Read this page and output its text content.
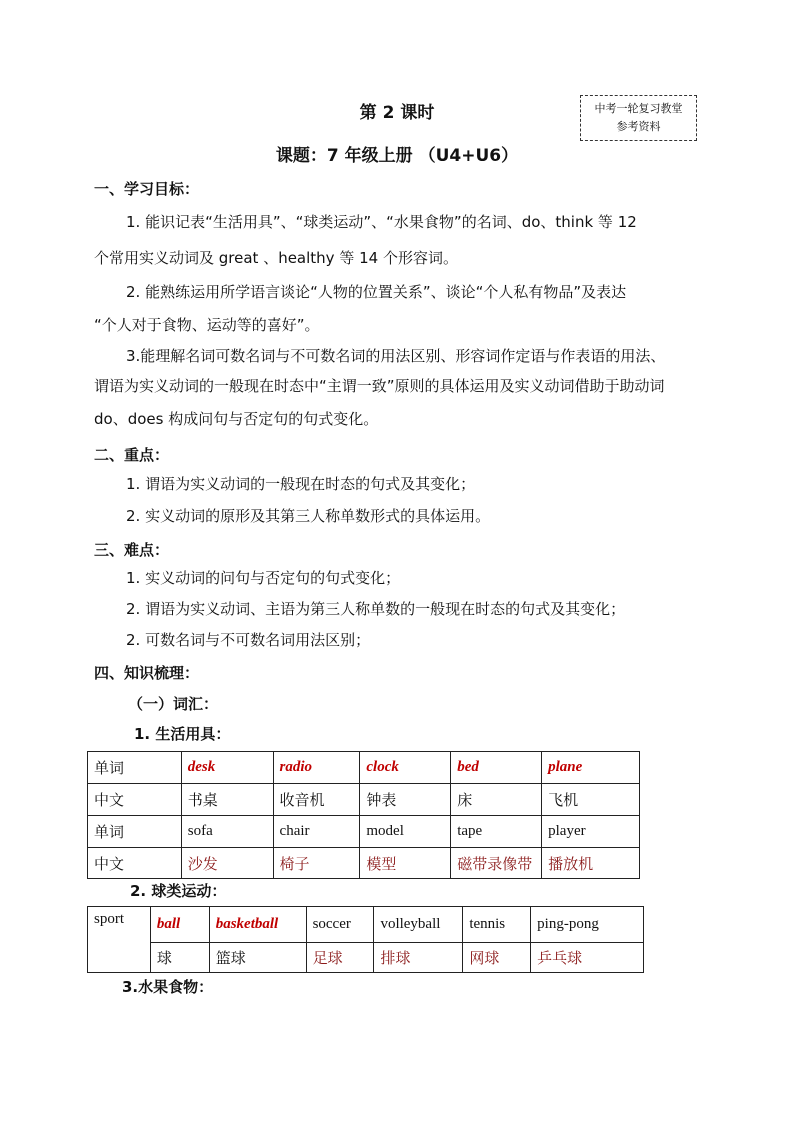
中考一轮复习教堂
参考资料
第 2 课时
课题：7 年级上册 （U4+U6）
一、学习目标：
1. 能识记表“生活用具”、“球类运动”、“水果食物”的名词、do、think 等 12
个常用实义动词及 great 、healthy 等 14 个形容词。
2. 能熟练运用所学语言谈论“人物的位置关系”、谈论“个人私有物品”及表达
“个人对于食物、运动等的喜好”。
3.能理解名词可数名词与不可数名词的用法区别、形容词作定语与作表语的用法、
谓语为实义动词的一般现在时态中“主谓一致”原则的具体运用及实义动词借助于助动词
do、does 构成问句与否定句的句式变化。
二、重点：
1. 谓语为实义动词的一般现在时态的句式及其变化；
2. 实义动词的原形及其第三人称单数形式的具体运用。
三、难点：
1. 实义动词的问句与否定句的句式变化；
2. 谓语为实义动词、主语为第三人称单数的一般现在时态的句式及其变化；
2. 可数名词与不可数名词用法区别；
四、知识梳理：
（一）词汇：
1. 生活用具：
单词	desk	radio	clock	bed	plane
中文	书桌	收音机	钟表	床	飞机
单词	sofa	chair	model	tape	player
中文	沙发	椅子	模型	磁带录像带	播放机
2. 球类运动：
sport	ball	basketball	soccer	volleyball	tennis	ping-pong
	球	篮球	足球	排球	网球	乒乓球
3.水果食物：
